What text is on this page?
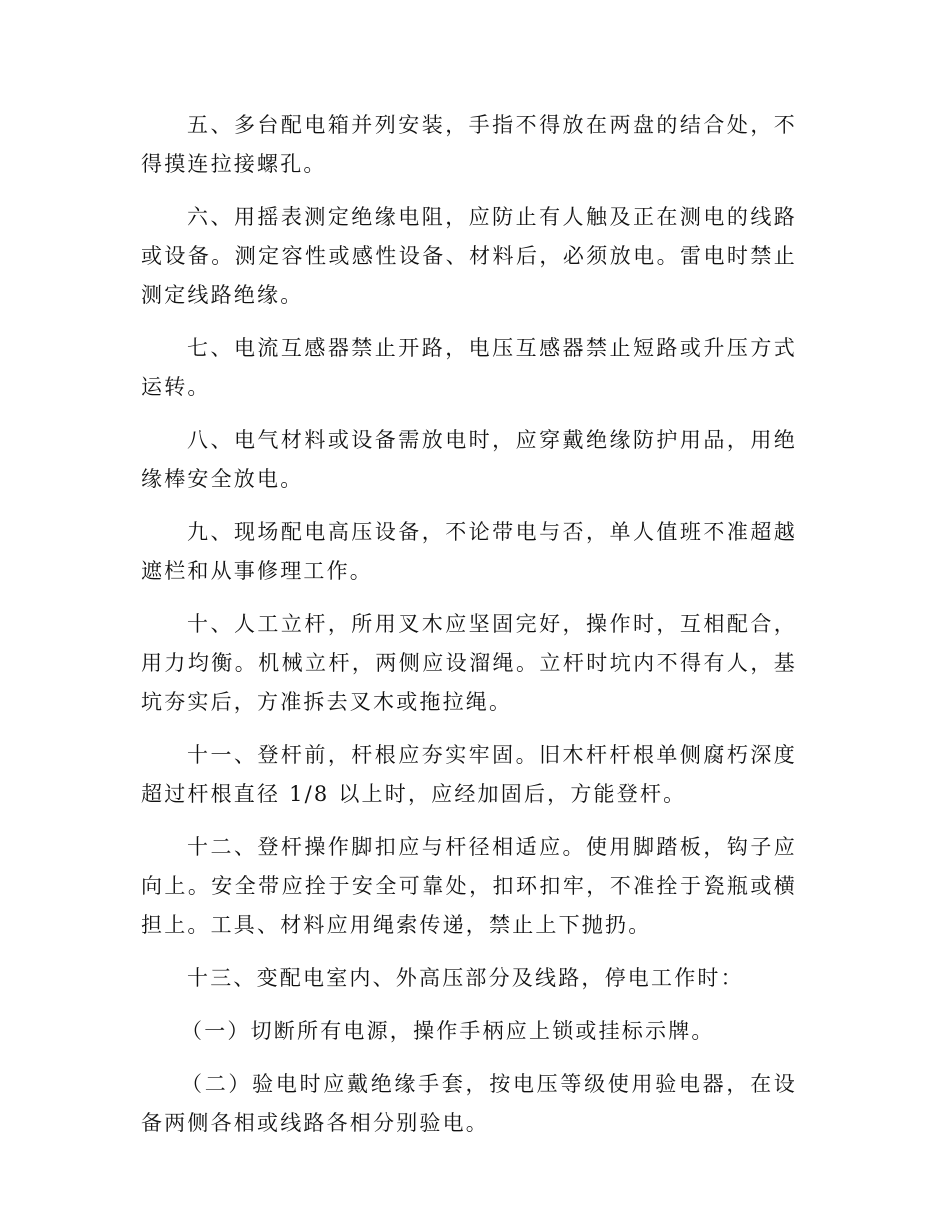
五、多台配电箱并列安装，手指不得放在两盘的结合处，不得摸连拉接螺孔。

六、用摇表测定绝缘电阻，应防止有人触及正在测电的线路或设备。测定容性或感性设备、材料后，必须放电。雷电时禁止测定线路绝缘。

七、电流互感器禁止开路，电压互感器禁止短路或升压方式运转。

八、电气材料或设备需放电时，应穿戴绝缘防护用品，用绝缘棒安全放电。

九、现场配电高压设备，不论带电与否，单人值班不准超越遮栏和从事修理工作。

十、人工立杆，所用叉木应坚固完好，操作时，互相配合，用力均衡。机械立杆，两侧应设溜绳。立杆时坑内不得有人，基坑夯实后，方准拆去叉木或拖拉绳。

十一、登杆前，杆根应夯实牢固。旧木杆杆根单侧腐朽深度超过杆根直径 1/8 以上时，应经加固后，方能登杆。

十二、登杆操作脚扣应与杆径相适应。使用脚踏板，钩子应向上。安全带应拴于安全可靠处，扣环扣牢，不准拴于瓷瓶或横担上。工具、材料应用绳索传递，禁止上下抛扔。

十三、变配电室内、外高压部分及线路，停电工作时：

（一）切断所有电源，操作手柄应上锁或挂标示牌。

（二）验电时应戴绝缘手套，按电压等级使用验电器，在设备两侧各相或线路各相分别验电。
